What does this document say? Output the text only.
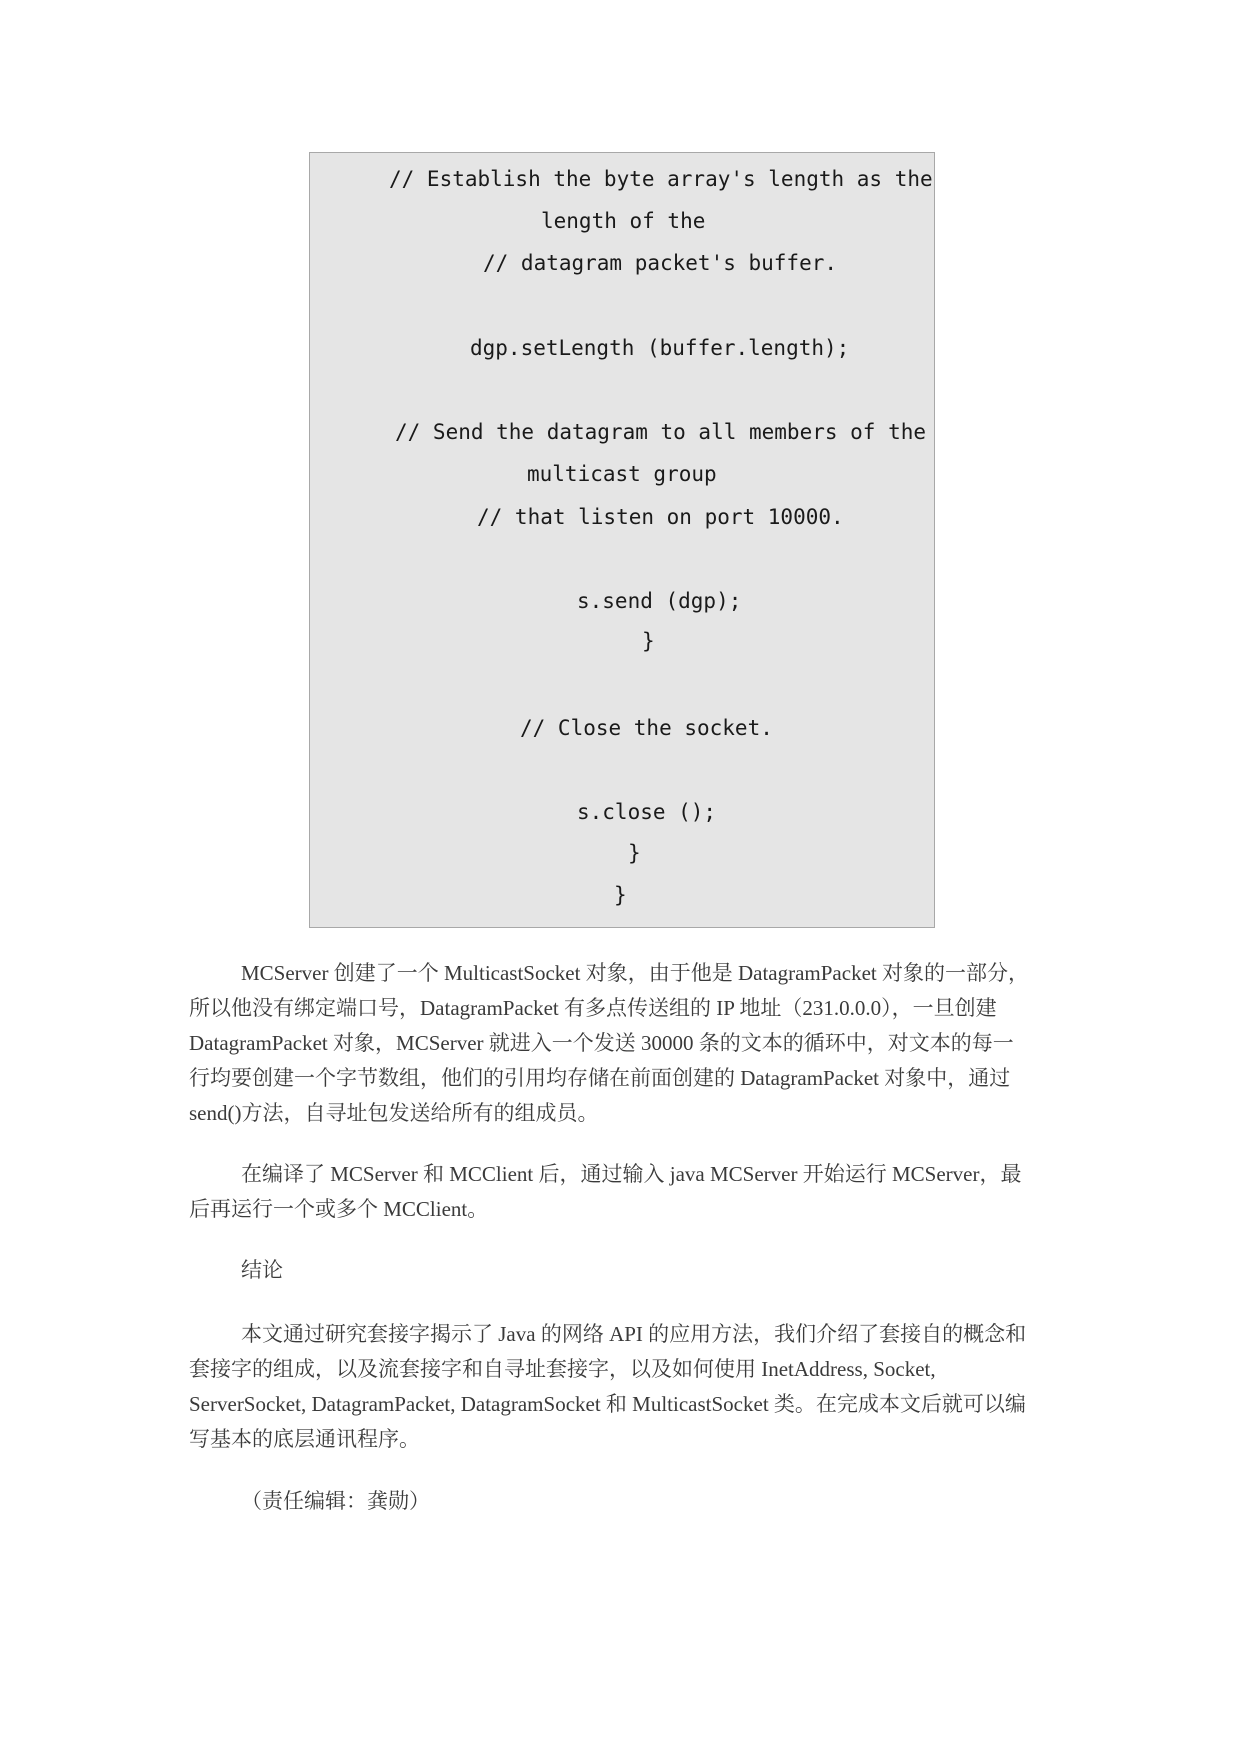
// Establish the byte array's length as the
length of the
// datagram packet's buffer.
dgp.setLength (buffer.length);
// Send the datagram to all members of the
multicast group
// that listen on port 10000.
s.send (dgp);
}
// Close the socket.
s.close ();
}
}
MCServer 创建了一个 MulticastSocket 对象，由于他是 DatagramPacket 对象的一部分，
所以他没有绑定端口号，DatagramPacket 有多点传送组的 IP 地址（231.0.0.0），一旦创建
DatagramPacket 对象，MCServer 就进入一个发送 30000 条的文本的循环中，对文本的每一
行均要创建一个字节数组，他们的引用均存储在前面创建的 DatagramPacket 对象中，通过
send()方法，自寻址包发送给所有的组成员。
在编译了 MCServer 和 MCClient 后，通过输入 java MCServer 开始运行 MCServer，最
后再运行一个或多个 MCClient。
结论
本文通过研究套接字揭示了 Java 的网络 API 的应用方法，我们介绍了套接自的概念和
套接字的组成，以及流套接字和自寻址套接字，以及如何使用 InetAddress, Socket,
ServerSocket, DatagramPacket, DatagramSocket 和 MulticastSocket 类。在完成本文后就可以编
写基本的底层通讯程序。
（责任编辑：龚勋）
